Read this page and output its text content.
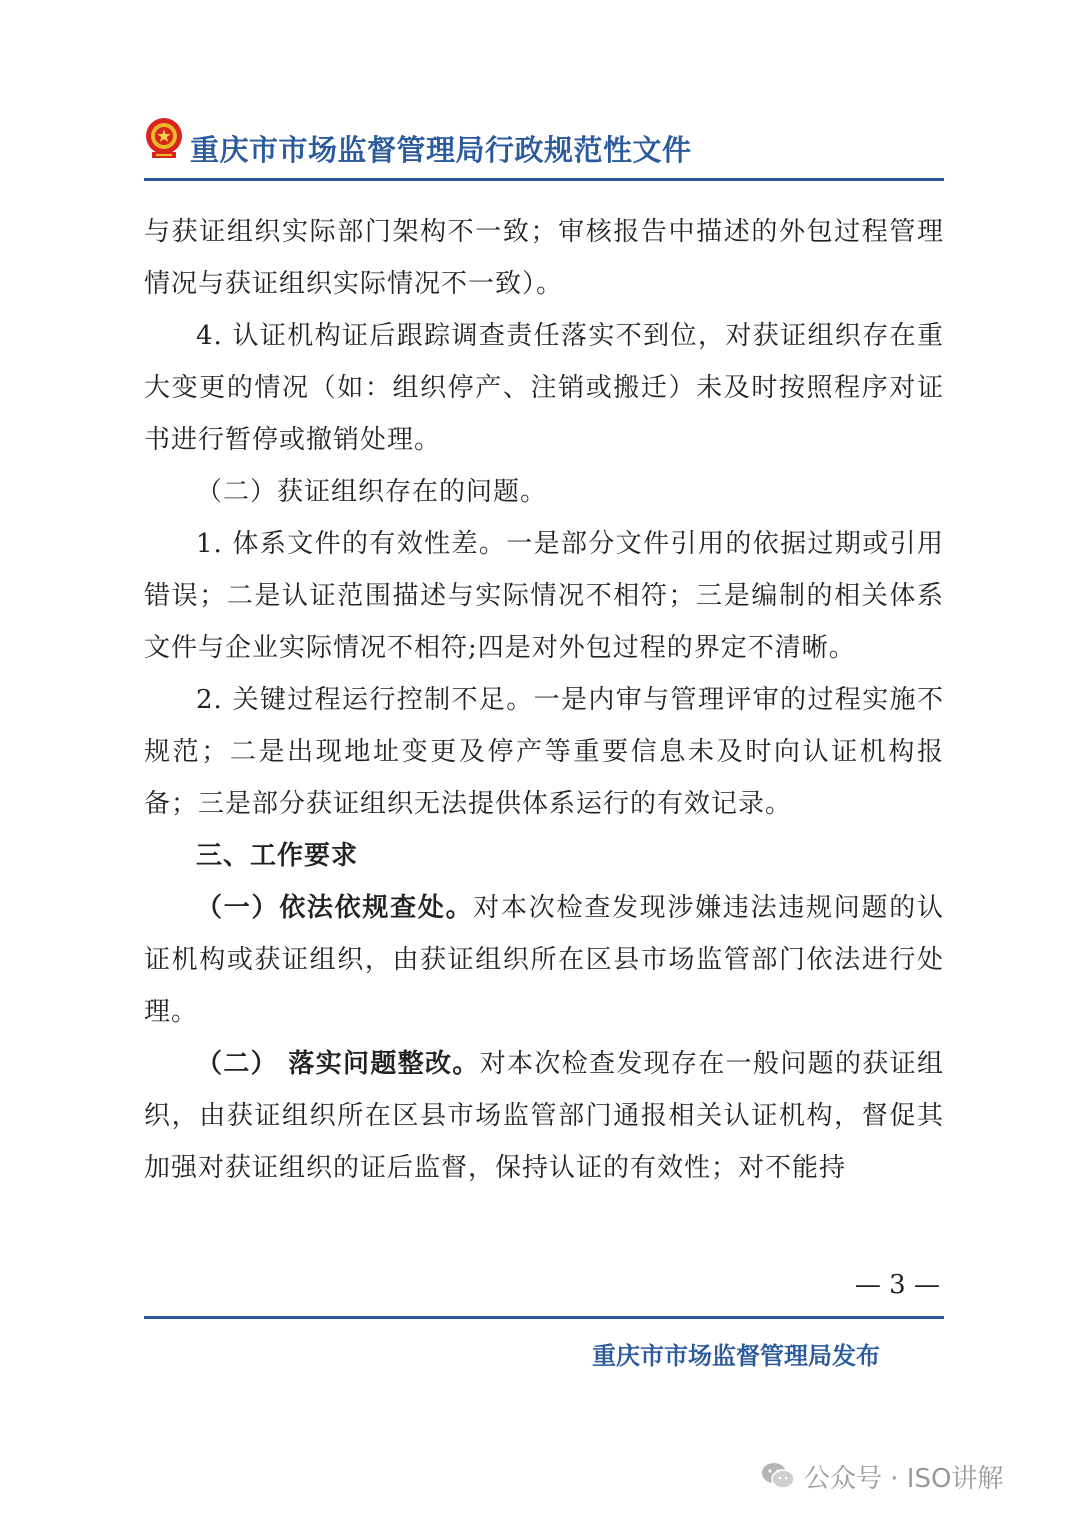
重庆市市场监督管理局行政规范性文件

与获证组织实际部门架构不一致；审核报告中描述的外包过程管理情况与获证组织实际情况不一致）。

4. 认证机构证后跟踪调查责任落实不到位，对获证组织存在重大变更的情况（如：组织停产、注销或搬迁）未及时按照程序对证书进行暂停或撤销处理。

（二）获证组织存在的问题。

1. 体系文件的有效性差。一是部分文件引用的依据过期或引用错误；二是认证范围描述与实际情况不相符；三是编制的相关体系文件与企业实际情况不相符;四是对外包过程的界定不清晰。

2. 关键过程运行控制不足。一是内审与管理评审的过程实施不规范；二是出现地址变更及停产等重要信息未及时向认证机构报备；三是部分获证组织无法提供体系运行的有效记录。

三、工作要求

（一）依法依规查处。对本次检查发现涉嫌违法违规问题的认证机构或获证组织，由获证组织所在区县市场监管部门依法进行处理。

（二） 落实问题整改。对本次检查发现存在一般问题的获证组织，由获证组织所在区县市场监管部门通报相关认证机构，督促其加强对获证组织的证后监督，保持认证的有效性；对不能持

— 3 —
重庆市市场监督管理局发布
公众号 · ISO讲解
